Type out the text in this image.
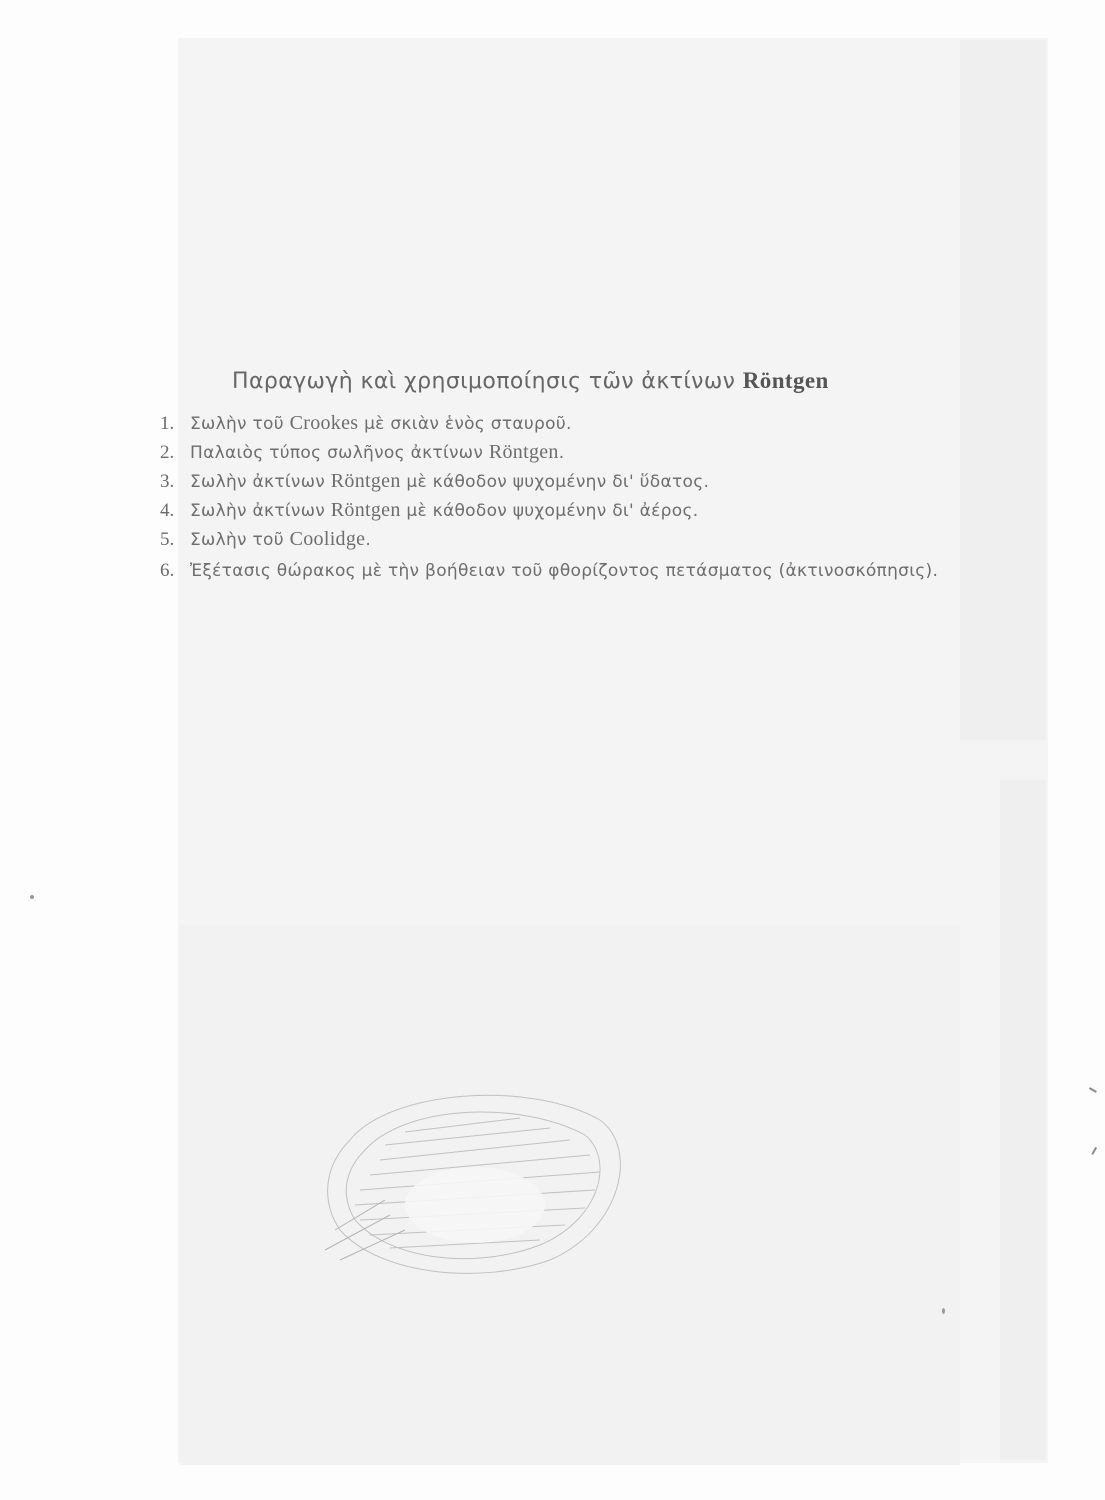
Παραγωγὴ καὶ χρησιμοποίησις τῶν ἀκτίνων Röntgen
1. Σωλὴν τοῦ Crookes μὲ σκιὰν ἑνὸς σταυροῦ.
2. Παλαιὸς τύπος σωλῆνος ἀκτίνων Röntgen.
3. Σωλὴν ἀκτίνων Röntgen μὲ κάθοδον ψυχομένην δι' ὕδατος.
4. Σωλὴν ἀκτίνων Röntgen μὲ κάθοδον ψυχομένην δι' ἀέρος.
5. Σωλὴν τοῦ Coolidge.
6. Ἐξέτασις θώρακος μὲ τὴν βοήθειαν τοῦ φθορίζοντος πετάσματος (ἀκτινοσκόπησις).
